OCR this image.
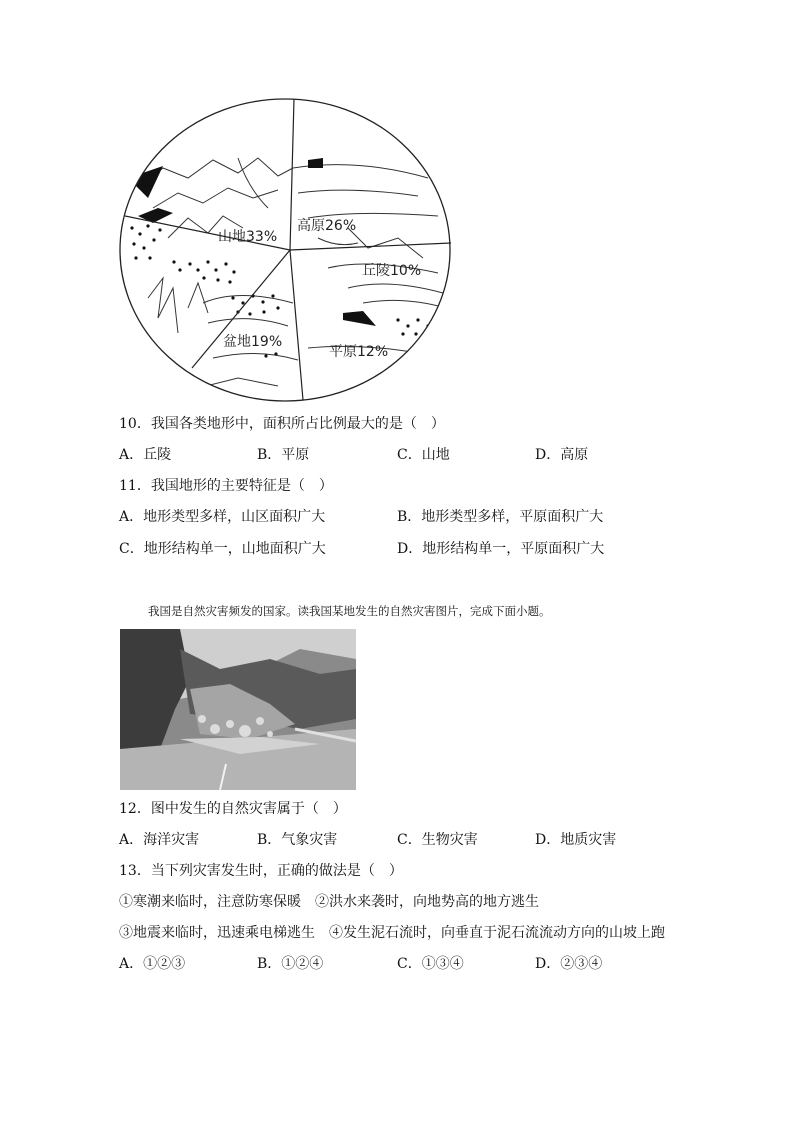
山地33%
高原26%
丘陵10%
平原12%
盆地19%
10．我国各类地形中，面积所占比例最大的是（　）
A．丘陵	B．平原	C．山地	D．高原
11．我国地形的主要特征是（　）
A．地形类型多样，山区面积广大	B．地形类型多样，平原面积广大
C．地形结构单一，山地面积广大	D．地形结构单一，平原面积广大
我国是自然灾害频发的国家。读我国某地发生的自然灾害图片，完成下面小题。
12．图中发生的自然灾害属于（　）
A．海洋灾害	B．气象灾害	C．生物灾害	D．地质灾害
13．当下列灾害发生时，正确的做法是（　）
①寒潮来临时，注意防寒保暖　②洪水来袭时，向地势高的地方逃生
③地震来临时，迅速乘电梯逃生　④发生泥石流时，向垂直于泥石流流动方向的山坡上跑
A．①②③	B．①②④	C．①③④	D．②③④
